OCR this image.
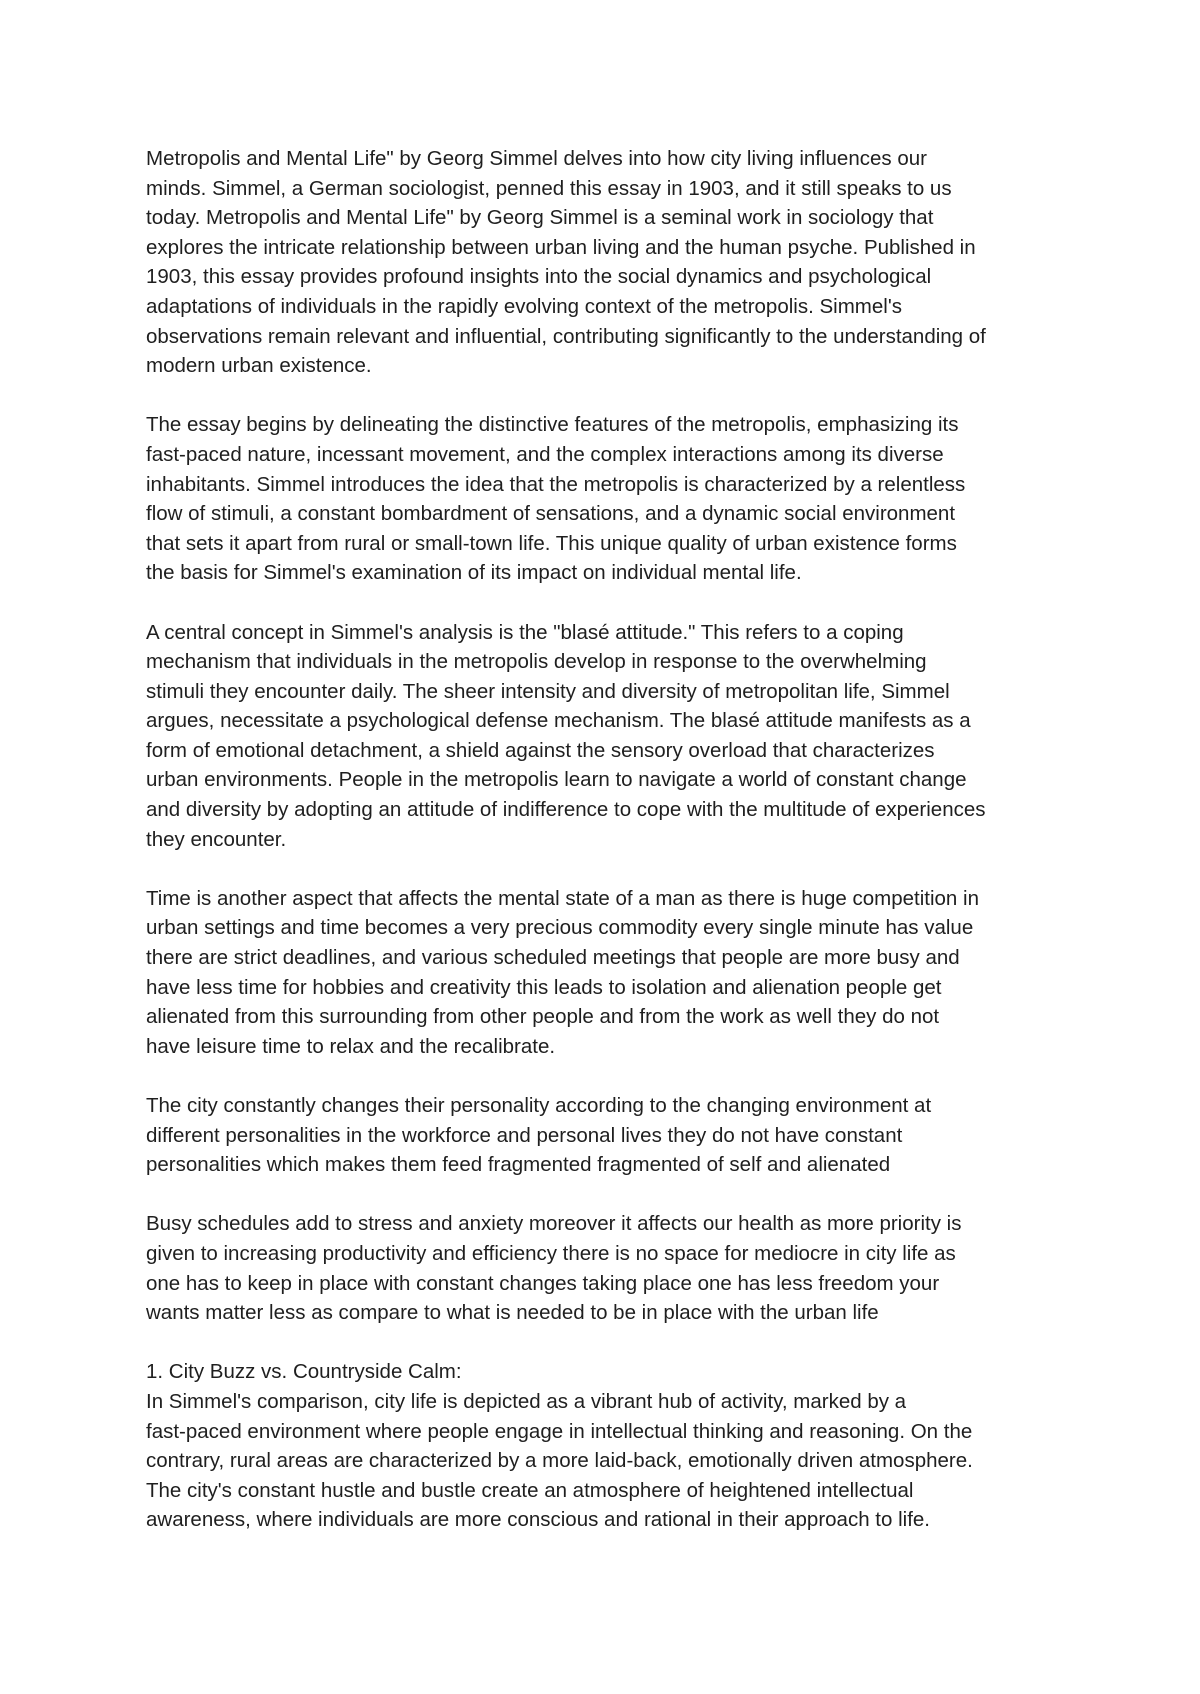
Metropolis and Mental Life" by Georg Simmel delves into how city living influences our
minds. Simmel, a German sociologist, penned this essay in 1903, and it still speaks to us
today. Metropolis and Mental Life" by Georg Simmel is a seminal work in sociology that
explores the intricate relationship between urban living and the human psyche. Published in
1903, this essay provides profound insights into the social dynamics and psychological
adaptations of individuals in the rapidly evolving context of the metropolis. Simmel's
observations remain relevant and influential, contributing significantly to the understanding of
modern urban existence.

The essay begins by delineating the distinctive features of the metropolis, emphasizing its
fast-paced nature, incessant movement, and the complex interactions among its diverse
inhabitants. Simmel introduces the idea that the metropolis is characterized by a relentless
flow of stimuli, a constant bombardment of sensations, and a dynamic social environment
that sets it apart from rural or small-town life. This unique quality of urban existence forms
the basis for Simmel's examination of its impact on individual mental life.

A central concept in Simmel's analysis is the "blasé attitude." This refers to a coping
mechanism that individuals in the metropolis develop in response to the overwhelming
stimuli they encounter daily. The sheer intensity and diversity of metropolitan life, Simmel
argues, necessitate a psychological defense mechanism. The blasé attitude manifests as a
form of emotional detachment, a shield against the sensory overload that characterizes
urban environments. People in the metropolis learn to navigate a world of constant change
and diversity by adopting an attitude of indifference to cope with the multitude of experiences
they encounter.

Time is another aspect that affects the mental state of a man as there is huge competition in
urban settings and time becomes a very precious commodity every single minute has value
there are strict deadlines, and various scheduled meetings that people are more busy and
have less time for hobbies and creativity this leads to isolation and alienation people get
alienated from this surrounding from other people and from the work as well they do not
have leisure time to relax and the recalibrate.

The city constantly changes their personality according to the changing environment at
different personalities in the workforce and personal lives they do not have constant
personalities which makes them feed fragmented fragmented of self and alienated

Busy schedules add to stress and anxiety moreover it affects our health as more priority is
given to increasing productivity and efficiency there is no space for mediocre in city life as
one has to keep in place with constant changes taking place one has less freedom your
wants matter less as compare to what is needed to be in place with the urban life

1. City Buzz vs. Countryside Calm:
In Simmel's comparison, city life is depicted as a vibrant hub of activity, marked by a
fast-paced environment where people engage in intellectual thinking and reasoning. On the
contrary, rural areas are characterized by a more laid-back, emotionally driven atmosphere.
The city's constant hustle and bustle create an atmosphere of heightened intellectual
awareness, where individuals are more conscious and rational in their approach to life.
